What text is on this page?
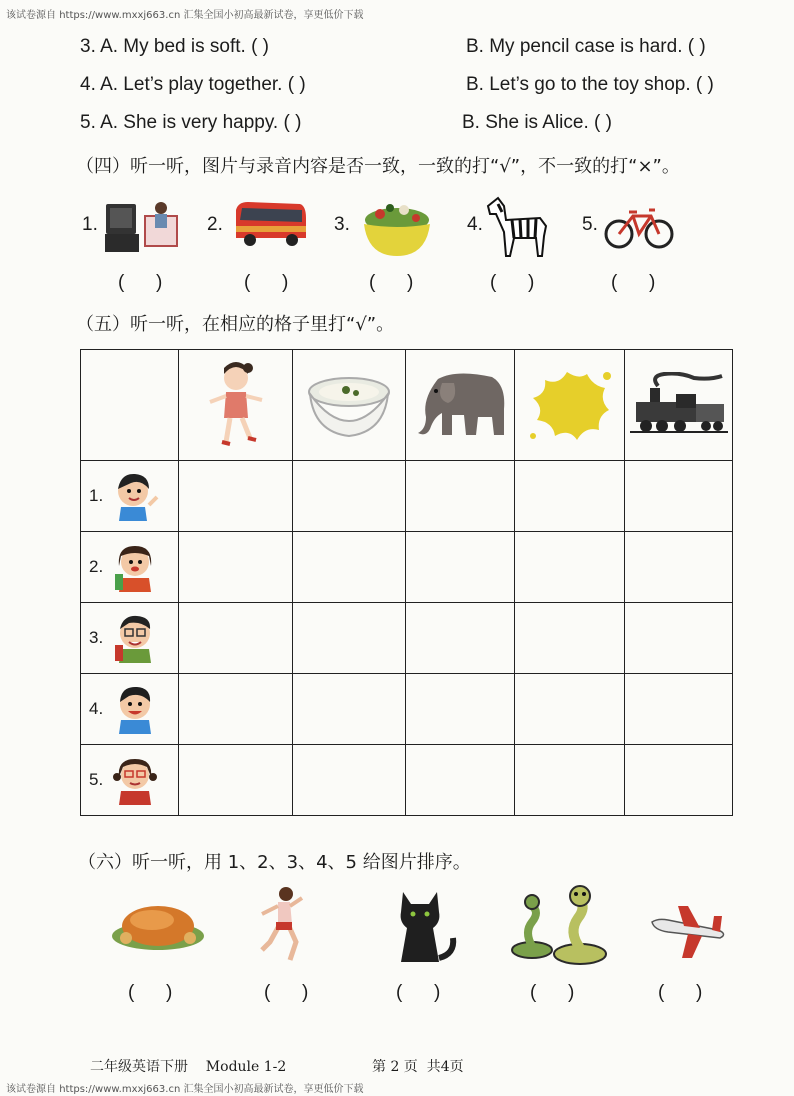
该试卷源自 https://www.mxxj663.cn 汇集全国小初高最新试卷，享更低价下载
3. A. My bed is soft. ( )	B. My pencil case is hard. ( )
4. A. Let’s play together. ( )	B. Let’s go to the toy shop. ( )
5. A. She is very happy. ( )	B. She is Alice. ( )
（四）听一听，图片与录音内容是否一致，一致的打“√”，不一致的打“×”。
1.	2.	3.	4.	5.
(      )	(      )	(      )	(      )	(      )
（五）听一听，在相应的格子里打“√”。

1.					

2.					

3.					

4.					

5.					

（六）听一听，用 1、2、3、4、5 给图片排序。
(      )	(      )	(      )	(      )	(      )
二年级英语下册    Module 1-2	第 2 页  共4页
该试卷源自 https://www.mxxj663.cn 汇集全国小初高最新试卷，享更低价下载
